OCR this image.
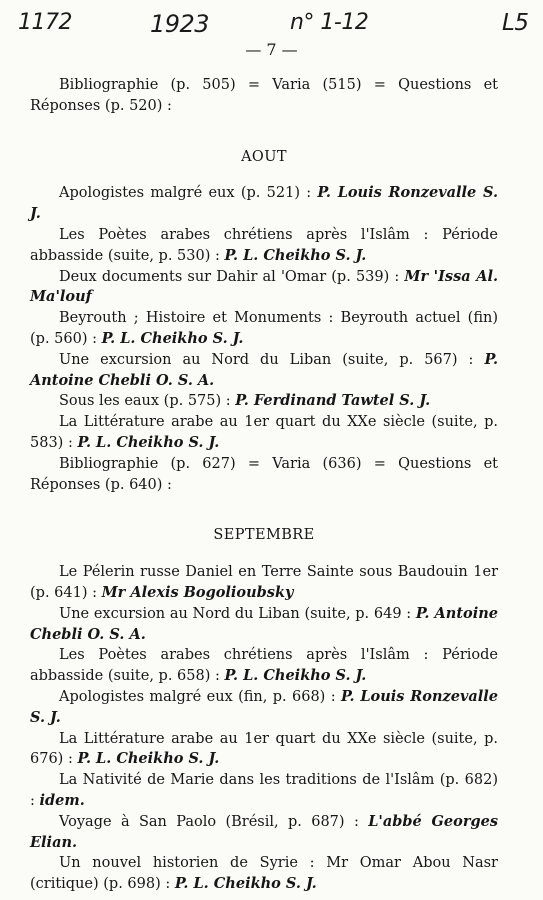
1172	1923	n° 1-12	L5
— 7 —

Bibliographie (p. 505) = Varia (515) = Questions et Réponses (p. 520) :

AOUT

Apologistes malgré eux (p. 521) : P. Louis Ronzevalle S. J.

Les Poètes arabes chrétiens après l'Islâm : Période abbasside (suite, p. 530) : P. L. Cheikho S. J.

Deux documents sur Dahir al 'Omar (p. 539) : Mr 'Issa Al. Ma'louf

Beyrouth ; Histoire et Monuments : Beyrouth actuel (fin) (p. 560) : P. L. Cheikho S. J.

Une excursion au Nord du Liban (suite, p. 567) : P. Antoine Chebli O. S. A.

Sous les eaux (p. 575) : P. Ferdinand Tawtel S. J.

La Littérature arabe au 1er quart du XXe siècle (suite, p. 583) : P. L. Cheikho S. J.

Bibliographie (p. 627) = Varia (636) = Questions et Réponses (p. 640) :

SEPTEMBRE

Le Pélerin russe Daniel en Terre Sainte sous Baudouin 1er (p. 641) : Mr Alexis Bogolioubsky

Une excursion au Nord du Liban (suite, p. 649 : P. Antoine Chebli O. S. A.

Les Poètes arabes chrétiens après l'Islâm : Période abbasside (suite, p. 658) : P. L. Cheikho S. J.

Apologistes malgré eux (fin, p. 668) : P. Louis Ronzevalle S. J.

La Littérature arabe au 1er quart du XXe siècle (suite, p. 676) : P. L. Cheikho S. J.

La Nativité de Marie dans les traditions de l'Islâm (p. 682) : idem.

Voyage à San Paolo (Brésil, p. 687) : L'abbé Georges Elian.

Un nouvel historien de Syrie : Mr Omar Abou Nasr (critique) (p. 698) : P. L. Cheikho S. J.
